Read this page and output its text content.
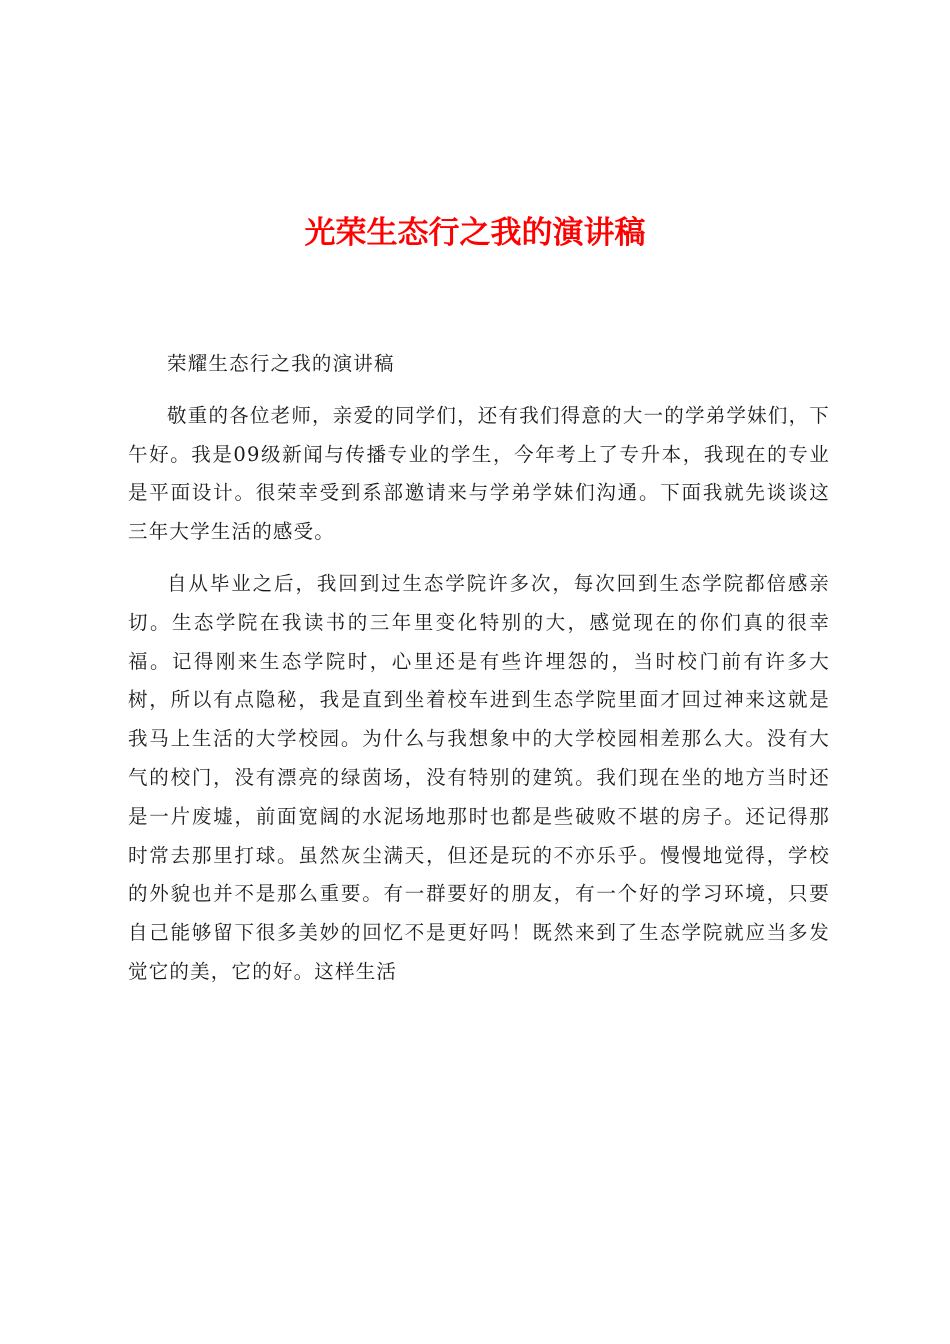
光荣生态行之我的演讲稿

荣耀生态行之我的演讲稿

敬重的各位老师，亲爱的同学们，还有我们得意的大一的学弟学妹们，下午好。我是09级新闻与传播专业的学生，今年考上了专升本，我现在的专业是平面设计。很荣幸受到系部邀请来与学弟学妹们沟通。下面我就先谈谈这三年大学生活的感受。

自从毕业之后，我回到过生态学院许多次，每次回到生态学院都倍感亲切。生态学院在我读书的三年里变化特别的大，感觉现在的你们真的很幸福。记得刚来生态学院时，心里还是有些许埋怨的，当时校门前有许多大树，所以有点隐秘，我是直到坐着校车进到生态学院里面才回过神来这就是我马上生活的大学校园。为什么与我想象中的大学校园相差那么大。没有大气的校门，没有漂亮的绿茵场，没有特别的建筑。我们现在坐的地方当时还是一片废墟，前面宽阔的水泥场地那时也都是些破败不堪的房子。还记得那时常去那里打球。虽然灰尘满天，但还是玩的不亦乐乎。慢慢地觉得，学校的外貌也并不是那么重要。有一群要好的朋友，有一个好的学习环境，只要自己能够留下很多美妙的回忆不是更好吗！既然来到了生态学院就应当多发觉它的美，它的好。这样生活
